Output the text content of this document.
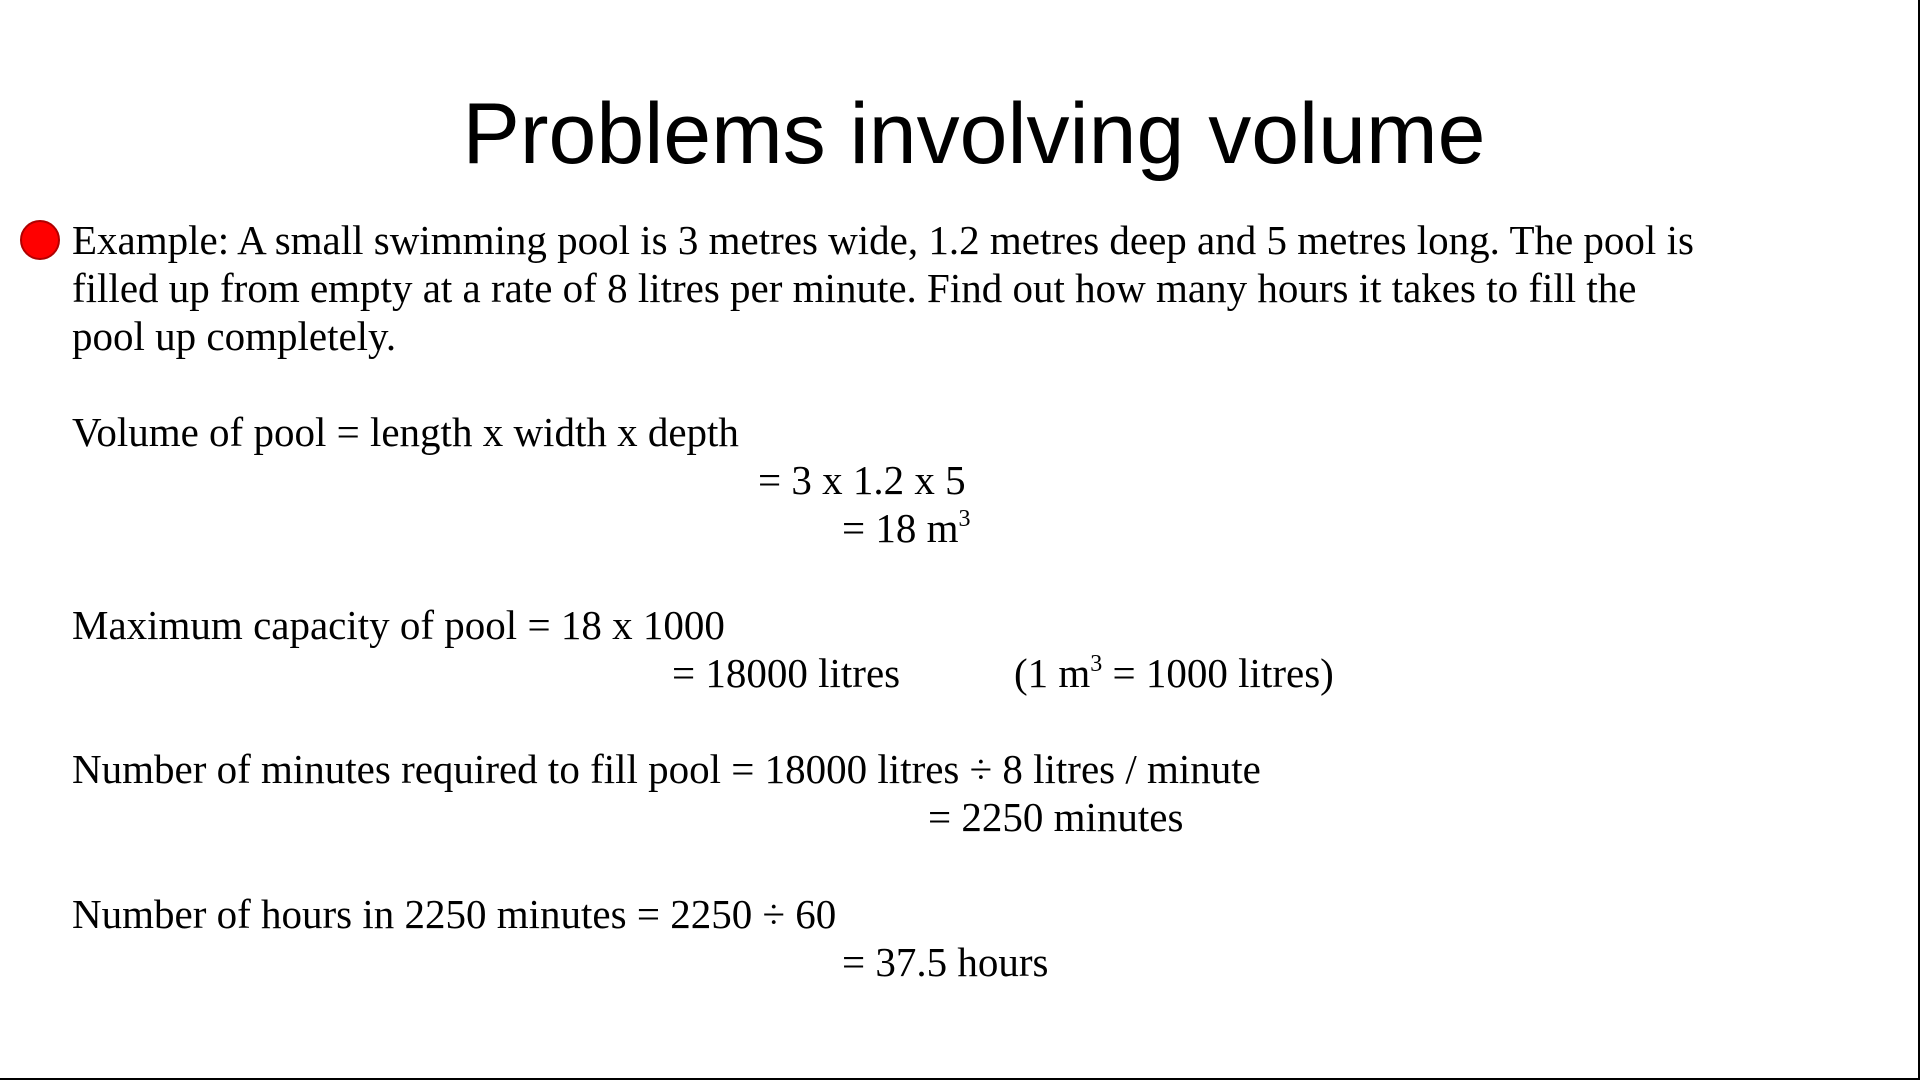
Problems involving volume
Example: A small swimming pool is 3 metres wide, 1.2 metres deep and 5 metres long. The pool is
filled up from empty at a rate of 8 litres per minute. Find out how many hours it takes to fill the
pool up completely.
Volume of pool = length x width x depth
= 3 x 1.2 x 5
= 18 $m^3$
Maximum capacity of pool = 18 x 1000
= 18000 litres	(1 $m^3 = 1000$ litres)
Number of minutes required to fill pool = 18000 litres ÷ 8 litres / minute
= 2250 minutes
Number of hours in 2250 minutes = 2250 ÷ 60
= 37.5 hours
